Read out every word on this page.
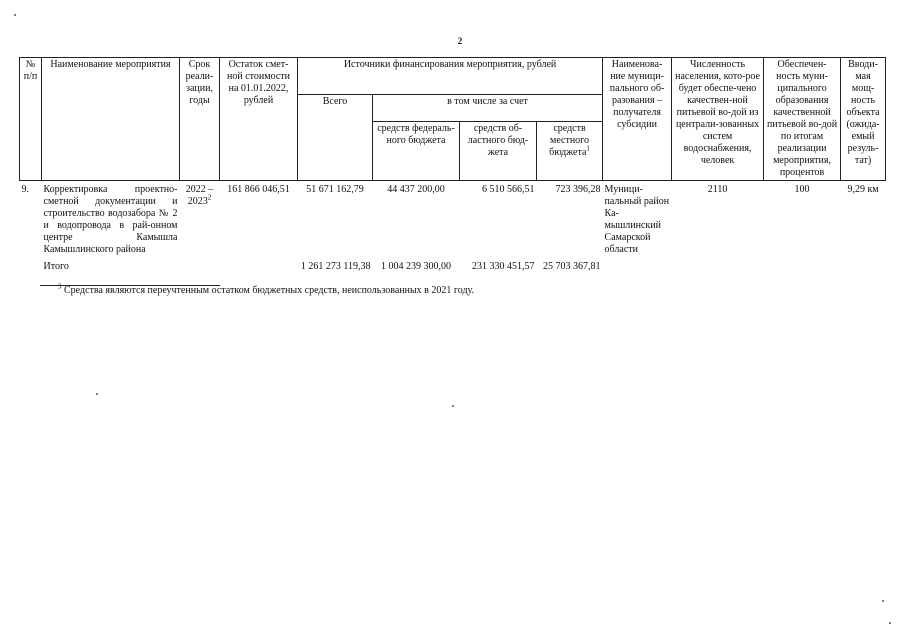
2
№ п/п	Наименование мероприятия	Срок реали-зации, годы	Остаток смет-ной стоимости на 01.01.2022, рублей	Источники финансирования мероприятия, рублей				Наименова-ние муници-пального об-разования – получателя субсидии	Численность населения, кото-рое будет обеспе-чено качествен-ной питьевой во-дой из централи-зованных систем водоснабжения, человек	Обеспечен-ность муни-ципального образования качественной питьевой во-дой по итогам реализации мероприятия, процентов	Вводи-мая мощ-ность объекта (ожида-емый резуль-тат)
				Всего	в том числе за счет						
					средств федераль-ного бюджета	средств об-ластного бюд-жета	средств местного бюджета$^1$
9.	Корректировка проектно-сметной документации и строительство водозабора № 2 и водопровода в рай-онном центре Камышла Камышлинского района	2022 – 2023$^2$	161 866 046,51	51 671 162,79	44 437 200,00	6 510 566,51	723 396,28	Муници-пальный район Ка-мышлинский Самарской области	2110	100	9,29 км
	Итого			1 261 273 119,38	1 004 239 300,00	231 330 451,57	25 703 367,81				
$^3$ Средства являются переучтенным остатком бюджетных средств, неиспользованных в 2021 году.
